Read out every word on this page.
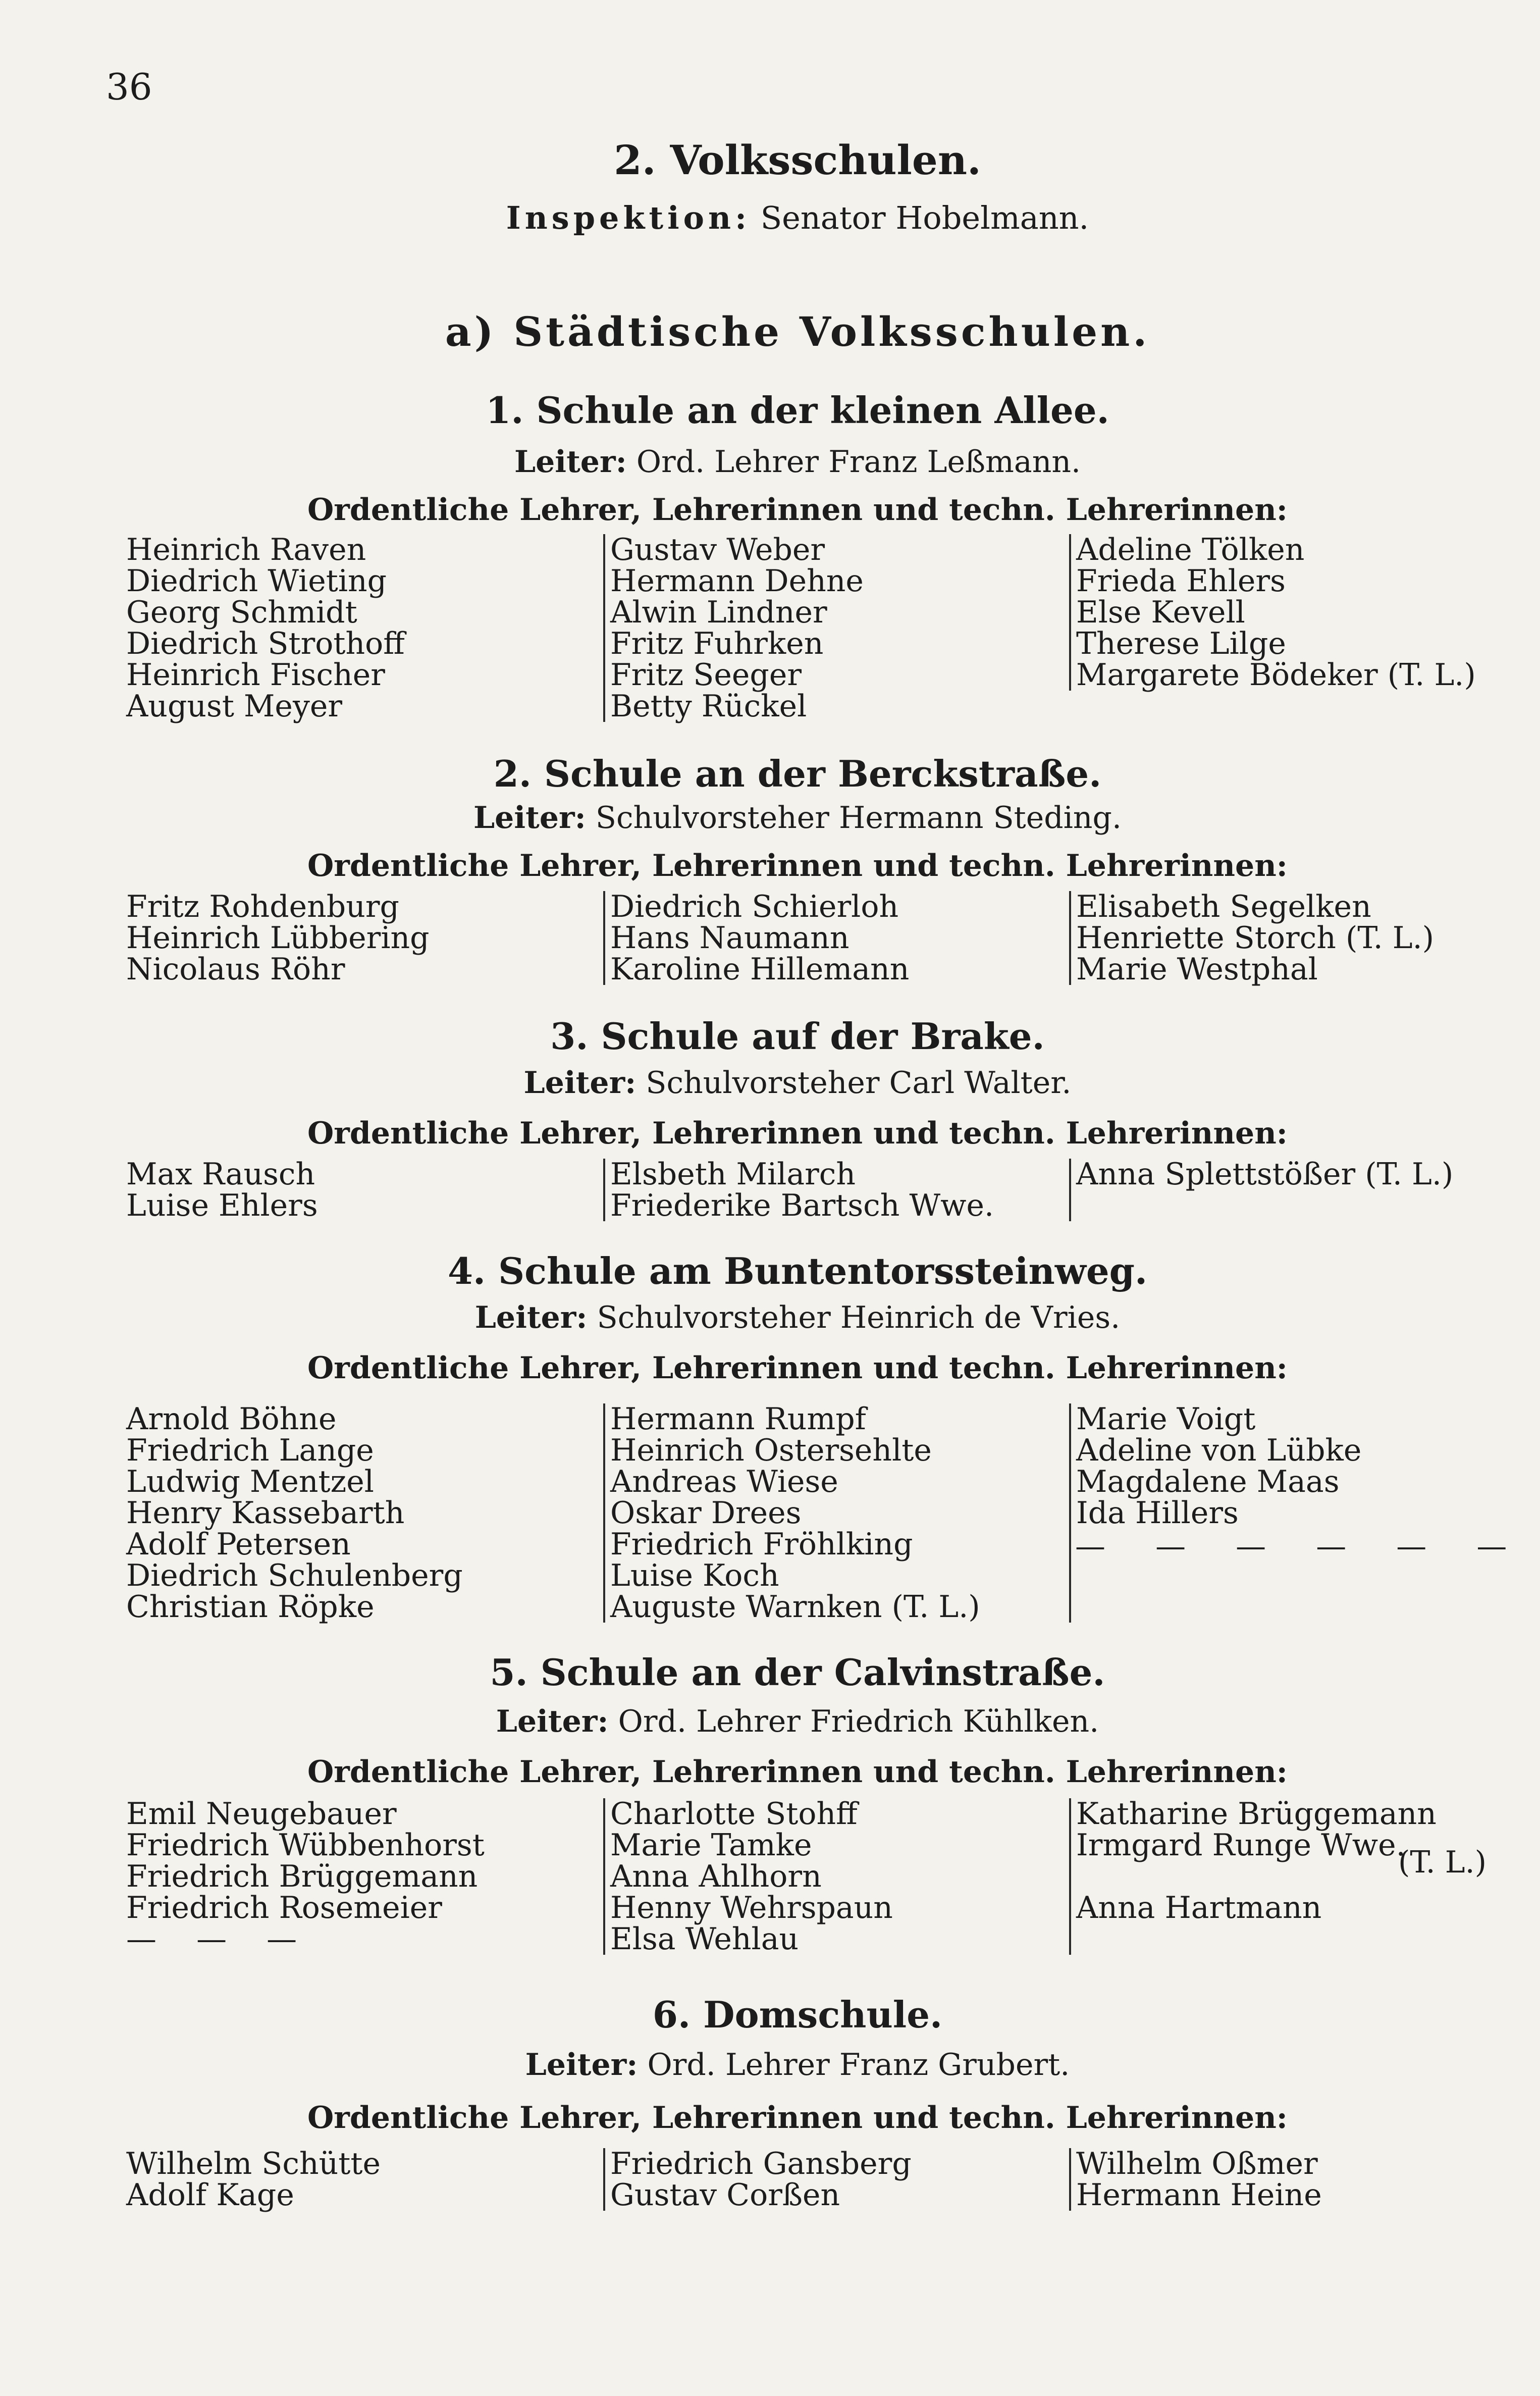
36
2. Volksschulen.
Inspektion: Senator Hobelmann.
a) Städtische Volksschulen.
1. Schule an der kleinen Allee.
Leiter: Ord. Lehrer Franz Leßmann.
Ordentliche Lehrer, Lehrerinnen und techn. Lehrerinnen:
Heinrich Raven
Diedrich Wieting
Georg Schmidt
Diedrich Strothoff
Heinrich Fischer
August Meyer
Gustav Weber
Hermann Dehne
Alwin Lindner
Fritz Fuhrken
Fritz Seeger
Betty Rückel
Adeline Tölken
Frieda Ehlers
Else Kevell
Therese Lilge
Margarete Bödeker (T. L.)
2. Schule an der Berckstraße.
Leiter: Schulvorsteher Hermann Steding.
Ordentliche Lehrer, Lehrerinnen und techn. Lehrerinnen:
Fritz Rohdenburg
Heinrich Lübbering
Nicolaus Röhr
Diedrich Schierloh
Hans Naumann
Karoline Hillemann
Elisabeth Segelken
Henriette Storch (T. L.)
Marie Westphal
3. Schule auf der Brake.
Leiter: Schulvorsteher Carl Walter.
Ordentliche Lehrer, Lehrerinnen und techn. Lehrerinnen:
Max Rausch
Luise Ehlers
Elsbeth Milarch
Friederike Bartsch Wwe.
Anna Splettstößer (T. L.)
4. Schule am Buntentorssteinweg.
Leiter: Schulvorsteher Heinrich de Vries.
Ordentliche Lehrer, Lehrerinnen und techn. Lehrerinnen:
Arnold Böhne
Friedrich Lange
Ludwig Mentzel
Henry Kassebarth
Adolf Petersen
Diedrich Schulenberg
Christian Röpke
Hermann Rumpf
Heinrich Ostersehlte
Andreas Wiese
Oskar Drees
Friedrich Fröhlking
Luise Koch
Auguste Warnken (T. L.)
Marie Voigt
Adeline von Lübke
Magdalene Maas
Ida Hillers
— — — — — —
5. Schule an der Calvinstraße.
Leiter: Ord. Lehrer Friedrich Kühlken.
Ordentliche Lehrer, Lehrerinnen und techn. Lehrerinnen:
Emil Neugebauer
Friedrich Wübbenhorst
Friedrich Brüggemann
Friedrich Rosemeier
— — —
Charlotte Stohff
Marie Tamke
Anna Ahlhorn
Henny Wehrspaun
Elsa Wehlau
Katharine Brüggemann
Irmgard Runge Wwe.
Anna Hartmann
(T. L.)
6. Domschule.
Leiter: Ord. Lehrer Franz Grubert.
Ordentliche Lehrer, Lehrerinnen und techn. Lehrerinnen:
Wilhelm Schütte
Adolf Kage
Friedrich Gansberg
Gustav Corßen
Wilhelm Oßmer
Hermann Heine
